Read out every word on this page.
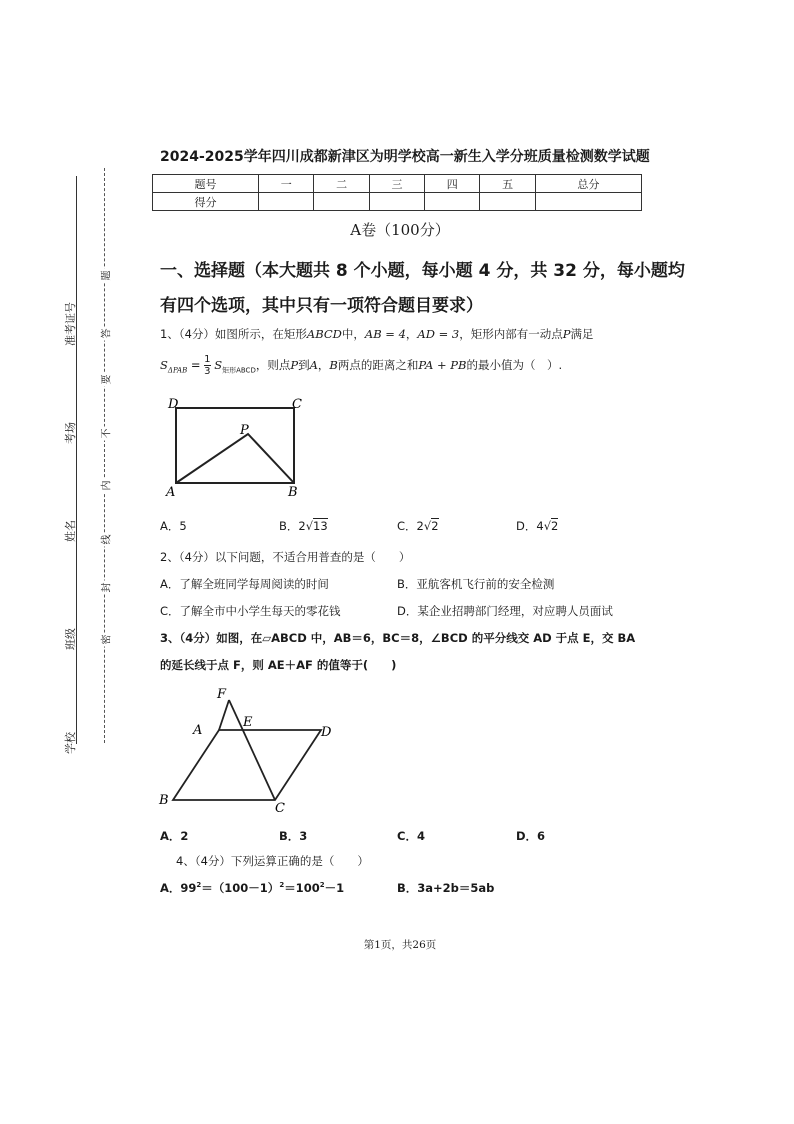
准考证号
考场
姓名
班级
学校
题
答
要
不
内
线
封
密
2024-2025学年四川成都新津区为明学校高一新生入学分班质量检测数学试题
题号	一	二	三	四	五	总分
得分						
A卷（100分）
一、选择题（本大题共 8 个小题，每小题 4 分，共 32 分，每小题均
有四个选项，其中只有一项符合题目要求）
1、（4分）如图所示，在矩形ABCD中，AB = 4，AD = 3，矩形内部有一动点P满足
$S_{\Delta PAB} = \frac{1}{3} S_{矩形ABCD}$，则点P到A，B两点的距离之和PA + PB的最小值为（　）.
D	C
P
A	B
A．5	B．2√13	C．2√2	D．4√2
2、（4分）以下问题，不适合用普查的是（　　）
A．了解全班同学每周阅读的时间	B．亚航客机飞行前的安全检测
C．了解全市中小学生每天的零花钱	D．某企业招聘部门经理，对应聘人员面试
3、（4分）如图，在▱ABCD 中，AB＝6，BC＝8，∠BCD 的平分线交 AD 于点 E，交 BA
的延长线于点 F，则 AE＋AF 的值等于(　　)
F
A
E
D
B
C
A．2	B．3	C．4	D．6
4、（4分）下列运算正确的是（　　）
A．$99^2=(100-1)^2=100^2-1$	B．3a+2b＝5ab
第1页，共26页
